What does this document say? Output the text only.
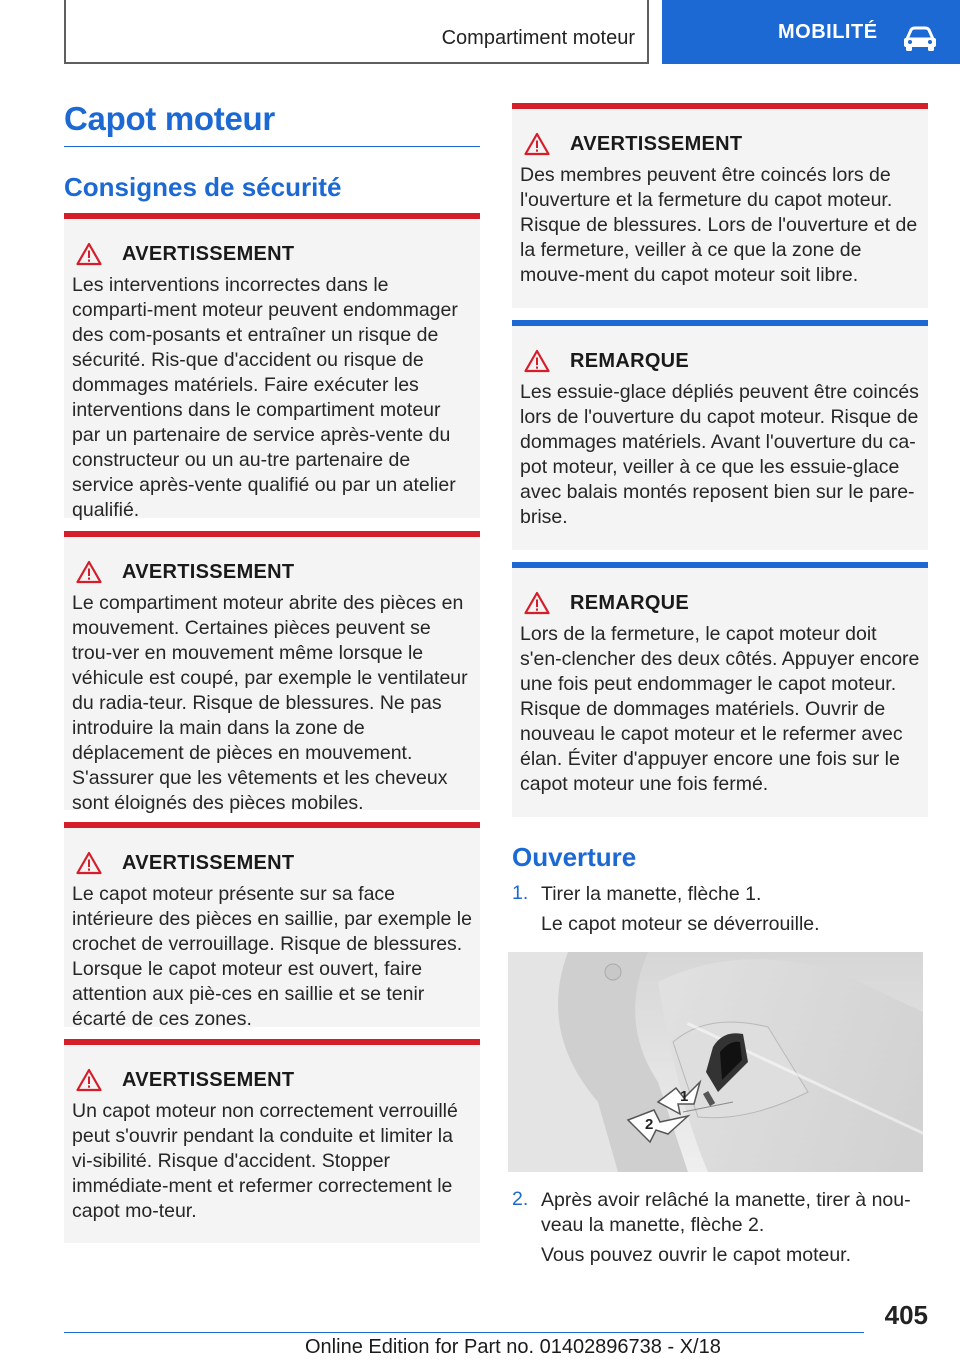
Compartiment moteur	MOBILITÉ
Capot moteur
Consignes de sécurité
AVERTISSEMENT

Les interventions incorrectes dans le comparti-ment moteur peuvent endommager des com-posants et entraîner un risque de sécurité. Ris-que d'accident ou risque de dommages matériels. Faire exécuter les interventions dans le compartiment moteur par un partenaire de service après-vente du constructeur ou un au-tre partenaire de service après-vente qualifié ou par un atelier qualifié.

AVERTISSEMENT

Le compartiment moteur abrite des pièces en mouvement. Certaines pièces peuvent se trou-ver en mouvement même lorsque le véhicule est coupé, par exemple le ventilateur du radia-teur. Risque de blessures. Ne pas introduire la main dans la zone de déplacement de pièces en mouvement. S'assurer que les vêtements et les cheveux sont éloignés des pièces mobiles.

AVERTISSEMENT

Le capot moteur présente sur sa face intérieure des pièces en saillie, par exemple le crochet de verrouillage. Risque de blessures. Lorsque le capot moteur est ouvert, faire attention aux piè-ces en saillie et se tenir écarté de ces zones.

AVERTISSEMENT

Un capot moteur non correctement verrouillé peut s'ouvrir pendant la conduite et limiter la vi-sibilité. Risque d'accident. Stopper immédiate-ment et refermer correctement le capot mo-teur.

AVERTISSEMENT

Des membres peuvent être coincés lors de l'ouverture et la fermeture du capot moteur. Risque de blessures. Lors de l'ouverture et de la fermeture, veiller à ce que la zone de mouve-ment du capot moteur soit libre.

REMARQUE

Les essuie-glace dépliés peuvent être coincés lors de l'ouverture du capot moteur. Risque de dommages matériels. Avant l'ouverture du ca-pot moteur, veiller à ce que les essuie-glace avec balais montés reposent bien sur le pare-brise.

REMARQUE

Lors de la fermeture, le capot moteur doit s'en-clencher des deux côtés. Appuyer encore une fois peut endommager le capot moteur. Risque de dommages matériels. Ouvrir de nouveau le capot moteur et le refermer avec élan. Éviter d'appuyer encore une fois sur le capot moteur une fois fermé.

Ouverture
1. Tirer la manette, flèche 1.
Le capot moteur se déverrouille.
1
2
2. Après avoir relâché la manette, tirer à nou-veau la manette, flèche 2.
Vous pouvez ouvrir le capot moteur.
405
Online Edition for Part no. 01402896738 - X/18
